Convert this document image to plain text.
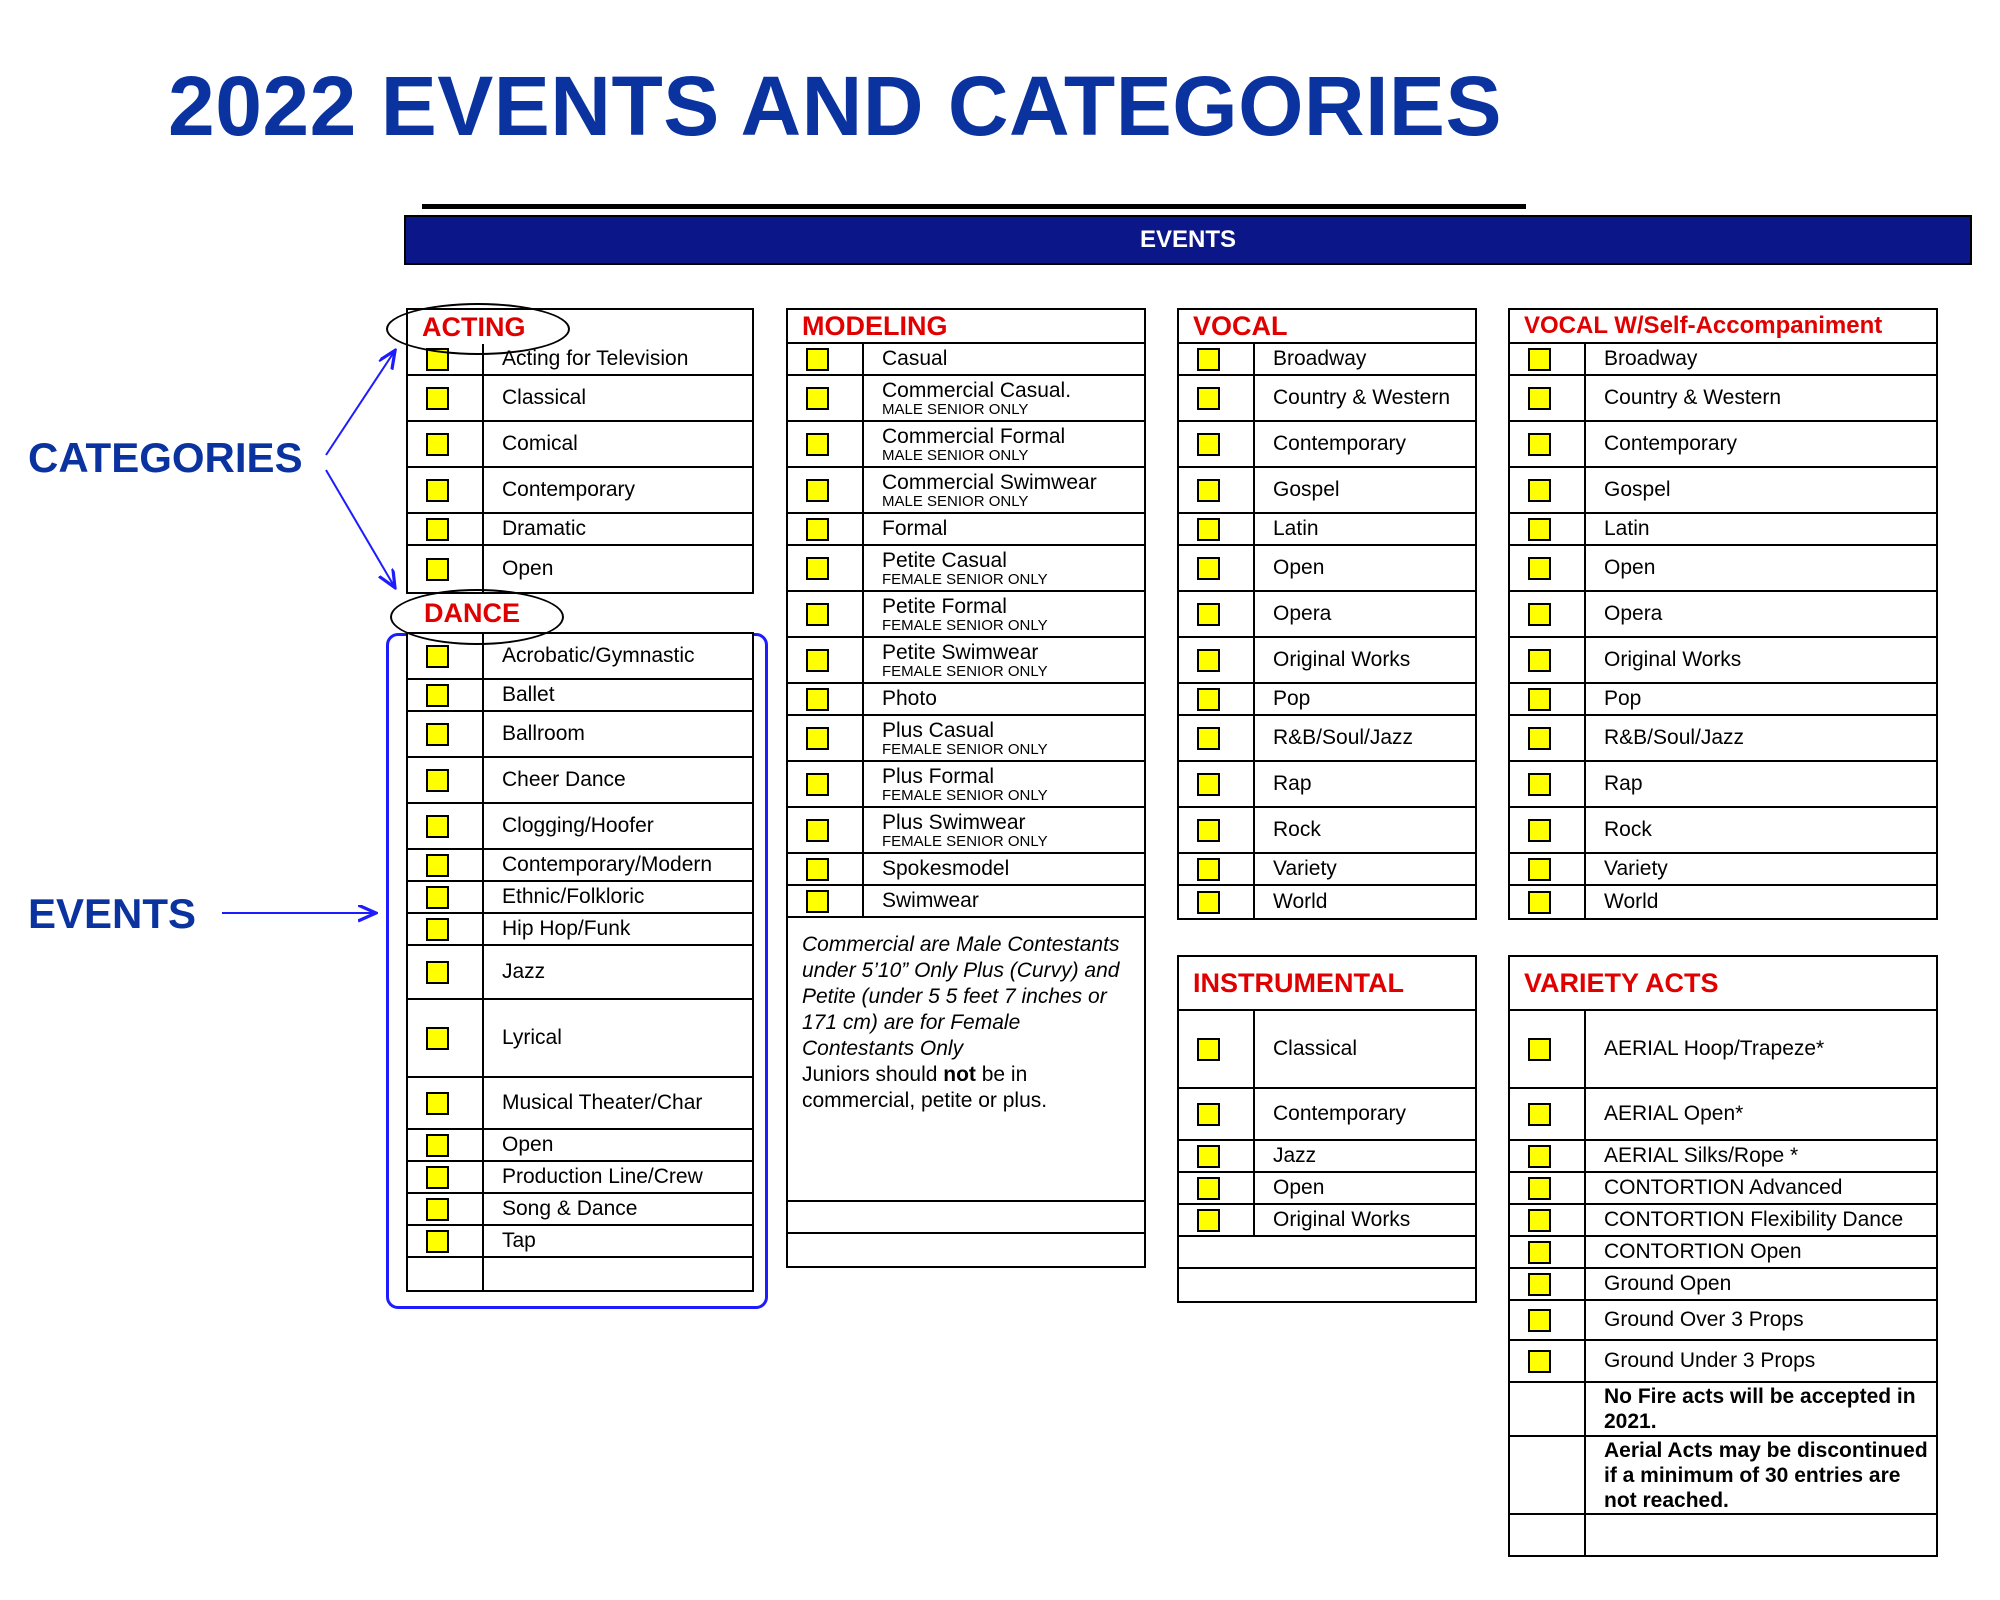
2022 EVENTS AND CATEGORIES
EVENTS
CATEGORIES
EVENTS
ACTING
Acting for Television
Classical
Comical
Contemporary
Dramatic
Open
Acrobatic/Gymnastic
Ballet
Ballroom
Cheer Dance
Clogging/Hoofer
Contemporary/Modern
Ethnic/Folkloric
Hip Hop/Funk
Jazz
Lyrical
Musical Theater/Char
Open
Production Line/Crew
Song & Dance
Tap
DANCE
MODELING
Casual
Commercial Casual.
MALE SENIOR ONLY
Commercial Formal
MALE SENIOR ONLY
Commercial Swimwear
MALE SENIOR ONLY
Formal
Petite Casual
FEMALE SENIOR ONLY
Petite Formal
FEMALE SENIOR ONLY
Petite Swimwear
FEMALE SENIOR ONLY
Photo
Plus Casual
FEMALE SENIOR ONLY
Plus Formal
FEMALE SENIOR ONLY
Plus Swimwear
FEMALE SENIOR ONLY
Spokesmodel
Swimwear
Commercial are Male Contestants under 5’10” Only Plus (Curvy) and Petite (under 5 5 feet 7 inches or 171 cm) are for Female Contestants Only
Juniors should not be in commercial, petite or plus.
VOCAL
Broadway
Country & Western
Contemporary
Gospel
Latin
Open
Opera
Original Works
Pop
R&B/Soul/Jazz
Rap
Rock
Variety
World
VOCAL W/Self-Accompaniment
Broadway
Country & Western
Contemporary
Gospel
Latin
Open
Opera
Original Works
Pop
R&B/Soul/Jazz
Rap
Rock
Variety
World
INSTRUMENTAL
Classical
Contemporary
Jazz
Open
Original Works
VARIETY ACTS
AERIAL Hoop/Trapeze*
AERIAL Open*
AERIAL Silks/Rope *
CONTORTION Advanced
CONTORTION Flexibility Dance
CONTORTION Open
Ground Open
Ground Over 3 Props
Ground Under 3 Props
No Fire acts will be accepted in 2021.
Aerial Acts may be discontinued if a minimum of 30 entries are not reached.
